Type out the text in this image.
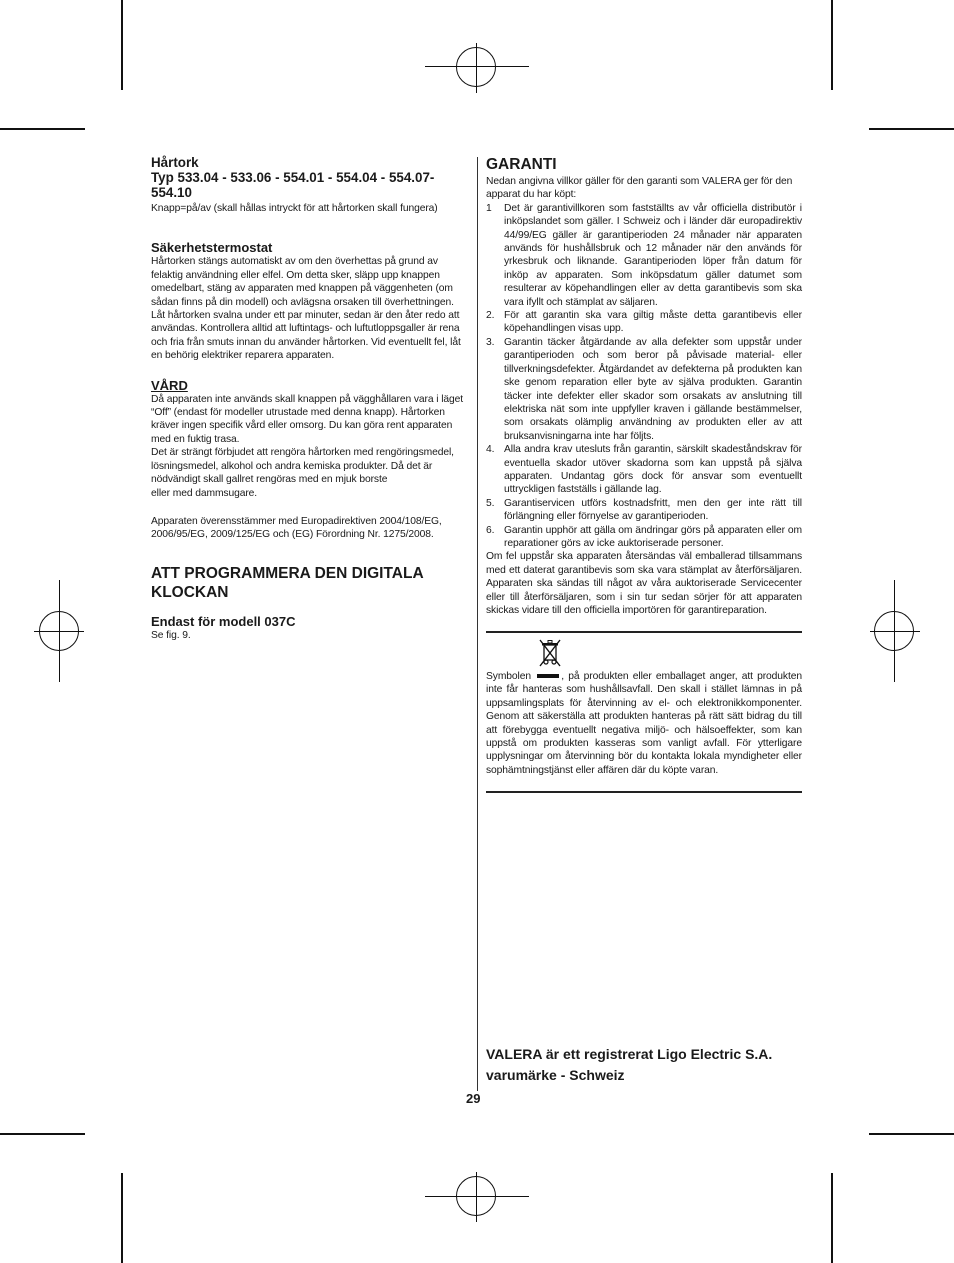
Hårtork

Typ 533.04 - 533.06 - 554.01 - 554.04 - 554.07-554.10

Knapp=på/av (skall hållas intryckt för att hårtorken skall fungera)

Säkerhetstermostat

Hårtorken stängs automatiskt av om den överhettas på grund av felaktig användning eller elfel. Om detta sker, släpp upp knappen omedelbart, stäng av apparaten med knappen på väggenheten (om sådan finns på din modell) och avlägsna orsaken till överhettningen. Låt hårtorken svalna under ett par minuter, sedan är den åter redo att användas. Kontrollera alltid att luftintags- och luftutloppsgaller är rena och fria från smuts innan du använder hårtorken. Vid eventuellt fel, låt en behörig elektriker reparera apparaten.

VÅRD

Då apparaten inte används skall knappen på vägghållaren vara i läget “Off” (endast för modeller utrustade med denna knapp). Hårtorken kräver ingen specifik vård eller omsorg. Du kan göra rent apparaten med en fuktig trasa.

Det är strängt förbjudet att rengöra hårtorken med rengöringsmedel, lösningsmedel, alkohol och andra kemiska produkter. Då det är nödvändigt skall gallret rengöras med en mjuk borste

eller med dammsugare.

Apparaten överensstämmer med Europadirektiven 2004/108/EG, 2006/95/EG, 2009/125/EG och (EG) Förordning Nr. 1275/2008.

ATT PROGRAMMERA DEN DIGITALA KLOCKAN

Endast för modell 037C

Se fig. 9.

GARANTI

Nedan angivna villkor gäller för den garanti som VALERA ger för den apparat du har köpt:

1 Det är garantivillkoren som fastställts av vår officiella distributör i inköpslandet som gäller. I Schweiz och i länder där europadirektiv 44/99/EG gäller är garantiperioden 24 månader när apparaten används för hushållsbruk och 12 månader när den används för yrkesbruk och liknande. Garantiperioden löper från datum för inköp av apparaten. Som inköpsdatum gäller datumet som resulterar av köpehandlingen eller av detta garantibevis som ska vara ifyllt och stämplat av säljaren.
2. För att garantin ska vara giltig måste detta garantibevis eller köpehandlingen visas upp.
3. Garantin täcker åtgärdande av alla defekter som uppstår under garantiperioden och som beror på påvisade material- eller tillverkningsdefekter. Åtgärdandet av defekterna på produkten kan ske genom reparation eller byte av själva produkten. Garantin täcker inte defekter eller skador som orsakats av anslutning till elektriska nät som inte uppfyller kraven i gällande bestämmelser, som orsakats olämplig användning av produkten eller av att bruksanvisningarna inte har följts.
4. Alla andra krav utesluts från garantin, särskilt skadeståndskrav för eventuella skador utöver skadorna som kan uppstå på själva apparaten. Undantag görs dock för ansvar som eventuellt uttryckligen fastställs i gällande lag.
5. Garantiservicen utförs kostnadsfritt, men den ger inte rätt till förlängning eller förnyelse av garantiperioden.
6. Garantin upphör att gälla om ändringar görs på apparaten eller om reparationer görs av icke auktoriserade personer.

Om fel uppstår ska apparaten återsändas väl emballerad tillsammans med ett daterat garantibevis som ska vara stämplat av återförsäljaren. Apparaten ska sändas till något av våra auktoriserade Servicecenter eller till återförsäljaren, som i sin tur sedan sörjer för att apparaten skickas vidare till den officiella importören för garantireparation.

Symbolen	, på produkten eller emballaget anger, att produkten inte får hanteras som hushållsavfall. Den skall i stället lämnas in på uppsamlingsplats för återvinning av el- och elektronikkomponenter. Genom att säkerställa att produkten hanteras på rätt sätt bidrag du till att förebygga eventuellt negativa miljö- och hälsoeffekter, som kan uppstå om produkten kasseras som vanligt avfall. För ytterligare upplysningar om återvinning bör du kontakta lokala myndigheter eller sophämtningstjänst eller affären där du köpte varan.

VALERA är ett registrerat Ligo Electric S.A.
varumärke - Schweiz
29
